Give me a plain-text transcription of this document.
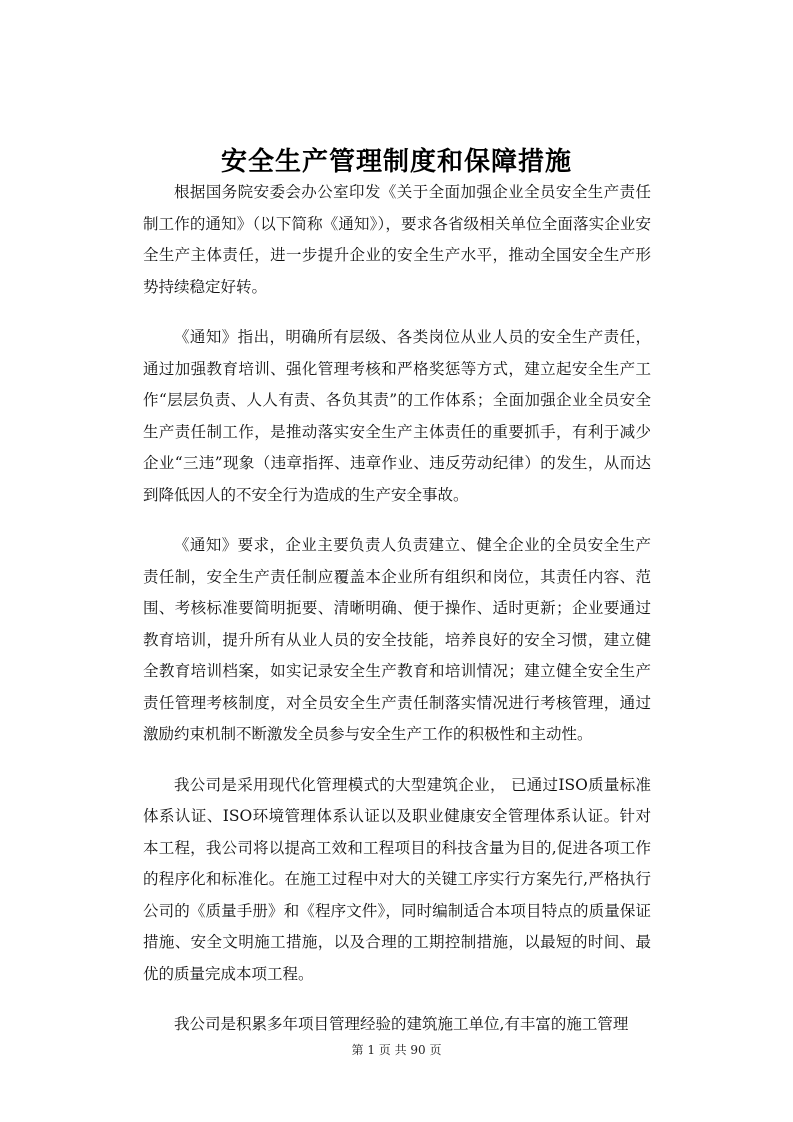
安全生产管理制度和保障措施

根据国务院安委会办公室印发《关于全面加强企业全员安全生产责任制工作的通知》（以下简称《通知》），要求各省级相关单位全面落实企业安全生产主体责任，进一步提升企业的安全生产水平，推动全国安全生产形势持续稳定好转。

《通知》指出，明确所有层级、各类岗位从业人员的安全生产责任，通过加强教育培训、强化管理考核和严格奖惩等方式，建立起安全生产工作“层层负责、人人有责、各负其责”的工作体系；全面加强企业全员安全生产责任制工作，是推动落实安全生产主体责任的重要抓手，有利于减少企业“三违”现象（违章指挥、违章作业、违反劳动纪律）的发生，从而达到降低因人的不安全行为造成的生产安全事故。

《通知》要求，企业主要负责人负责建立、健全企业的全员安全生产责任制，安全生产责任制应覆盖本企业所有组织和岗位，其责任内容、范围、考核标准要简明扼要、清晰明确、便于操作、适时更新；企业要通过教育培训，提升所有从业人员的安全技能，培养良好的安全习惯，建立健全教育培训档案，如实记录安全生产教育和培训情况；建立健全安全生产责任管理考核制度，对全员安全生产责任制落实情况进行考核管理，通过激励约束机制不断激发全员参与安全生产工作的积极性和主动性。

我公司是采用现代化管理模式的大型建筑企业， 已通过ISO质量标准体系认证、ISO环境管理体系认证以及职业健康安全管理体系认证。针对本工程，我公司将以提高工效和工程项目的科技含量为目的,促进各项工作的程序化和标准化。在施工过程中对大的关键工序实行方案先行,严格执行公司的《质量手册》和《程序文件》，同时编制适合本项目特点的质量保证措施、安全文明施工措施，以及合理的工期控制措施，以最短的时间、最优的质量完成本项工程。

我公司是积累多年项目管理经验的建筑施工单位,有丰富的施工管理

第 1 页 共 90 页
